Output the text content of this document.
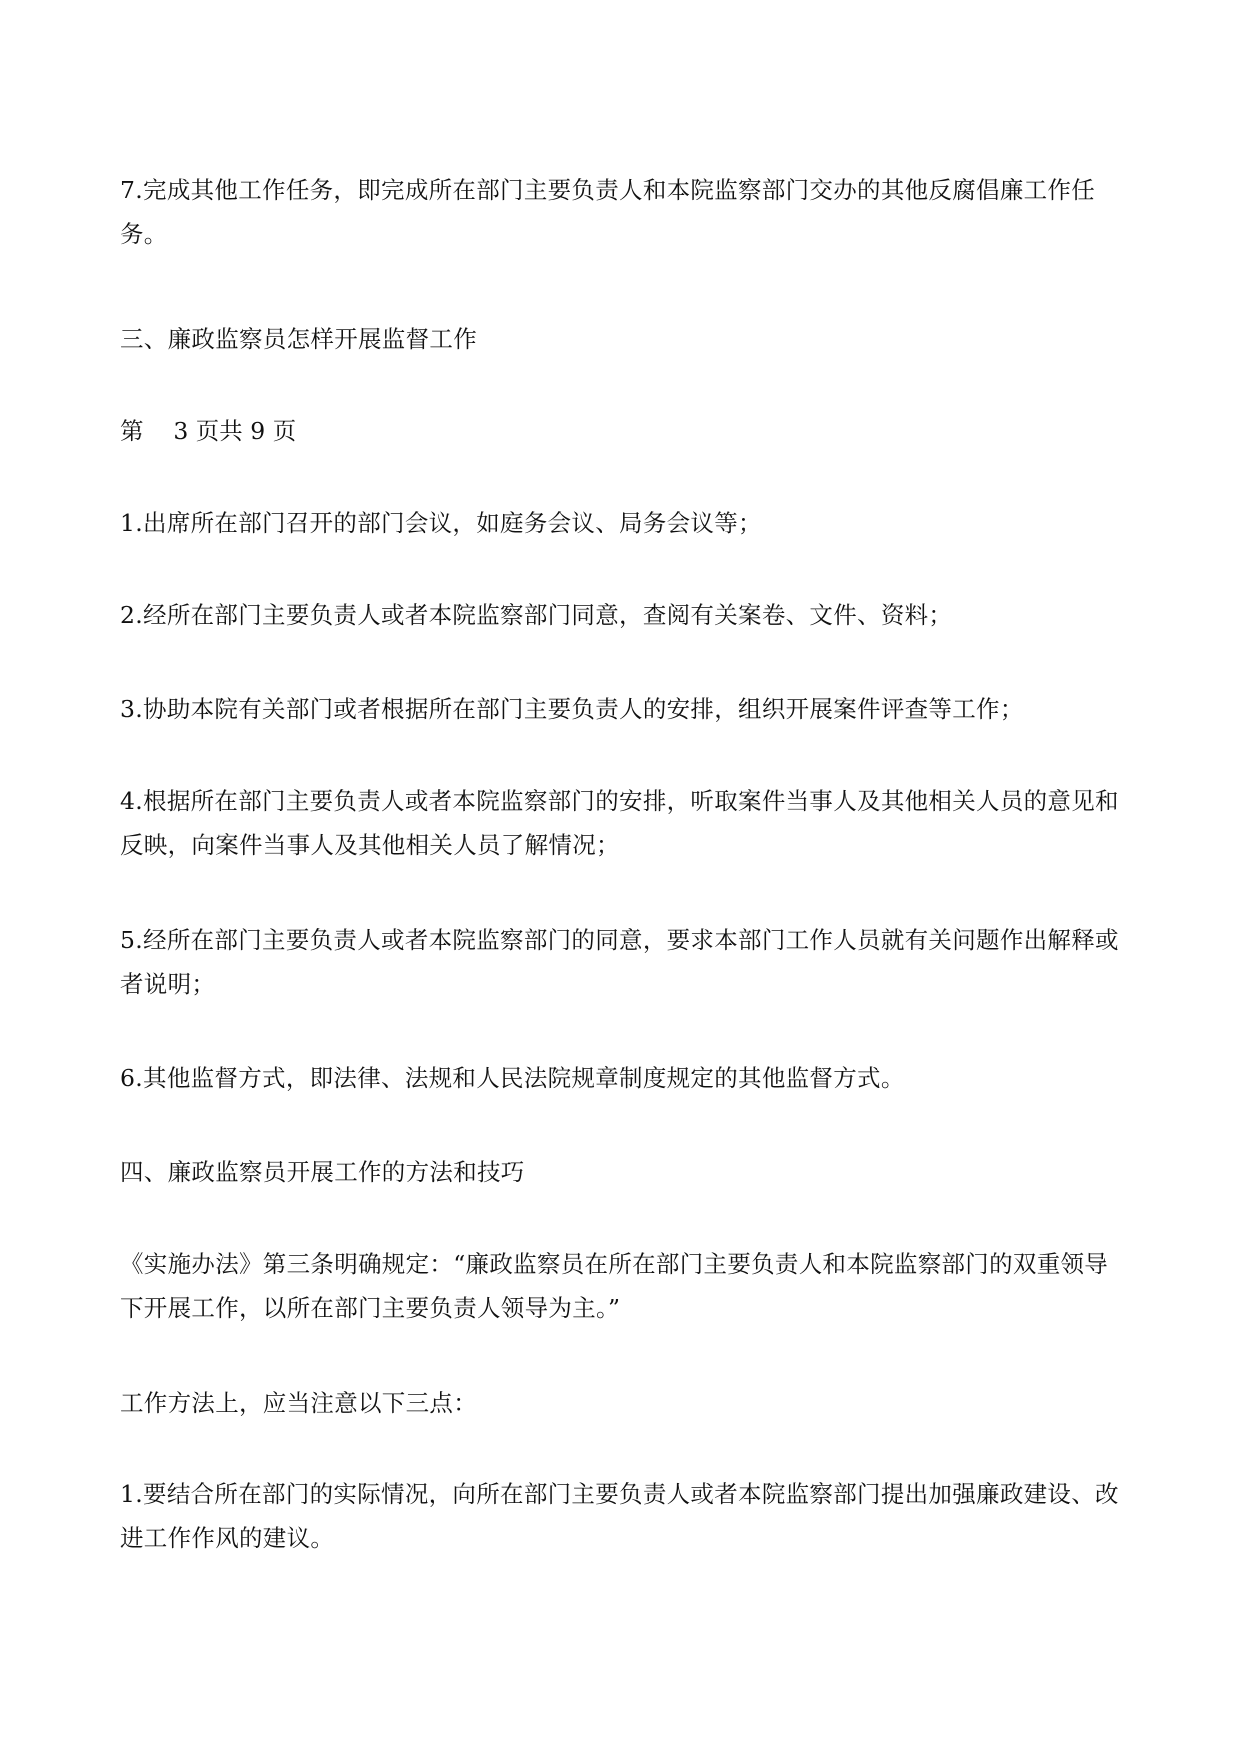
7.完成其他工作任务，即完成所在部门主要负责人和本院监察部门交办的其他反腐倡廉工作任务。

三、廉政监察员怎样开展监督工作

第    3 页共 9 页

1.出席所在部门召开的部门会议，如庭务会议、局务会议等；

2.经所在部门主要负责人或者本院监察部门同意，查阅有关案卷、文件、资料；

3.协助本院有关部门或者根据所在部门主要负责人的安排，组织开展案件评查等工作；

4.根据所在部门主要负责人或者本院监察部门的安排，听取案件当事人及其他相关人员的意见和反映，向案件当事人及其他相关人员了解情况；

5.经所在部门主要负责人或者本院监察部门的同意，要求本部门工作人员就有关问题作出解释或者说明；

6.其他监督方式，即法律、法规和人民法院规章制度规定的其他监督方式。

四、廉政监察员开展工作的方法和技巧

《实施办法》第三条明确规定：“廉政监察员在所在部门主要负责人和本院监察部门的双重领导下开展工作，以所在部门主要负责人领导为主。”

工作方法上，应当注意以下三点：

1.要结合所在部门的实际情况，向所在部门主要负责人或者本院监察部门提出加强廉政建设、改进工作作风的建议。
